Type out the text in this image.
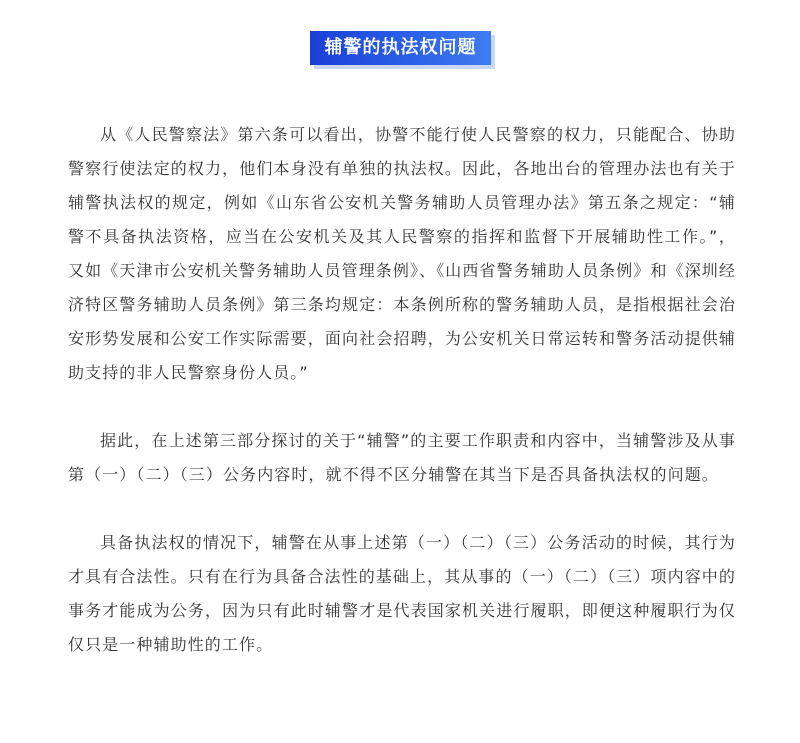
辅警的执法权问题

从《人民警察法》第六条可以看出，协警不能行使人民警察的权力，只能配合、协助警察行使法定的权力，他们本身没有单独的执法权。因此，各地出台的管理办法也有关于辅警执法权的规定，例如《山东省公安机关警务辅助人员管理办法》第五条之规定：“辅警不具备执法资格，应当在公安机关及其人民警察的指挥和监督下开展辅助性工作。”，又如《天津市公安机关警务辅助人员管理条例》、《山西省警务辅助人员条例》和《深圳经济特区警务辅助人员条例》第三条均规定：本条例所称的警务辅助人员，是指根据社会治安形势发展和公安工作实际需要，面向社会招聘，为公安机关日常运转和警务活动提供辅助支持的非人民警察身份人员。”

据此，在上述第三部分探讨的关于“辅警”的主要工作职责和内容中，当辅警涉及从事第（一）（二）（三）公务内容时，就不得不区分辅警在其当下是否具备执法权的问题。

具备执法权的情况下，辅警在从事上述第（一）（二）（三）公务活动的时候，其行为才具有合法性。只有在行为具备合法性的基础上，其从事的（一）（二）（三）项内容中的事务才能成为公务，因为只有此时辅警才是代表国家机关进行履职，即便这种履职行为仅仅只是一种辅助性的工作。
